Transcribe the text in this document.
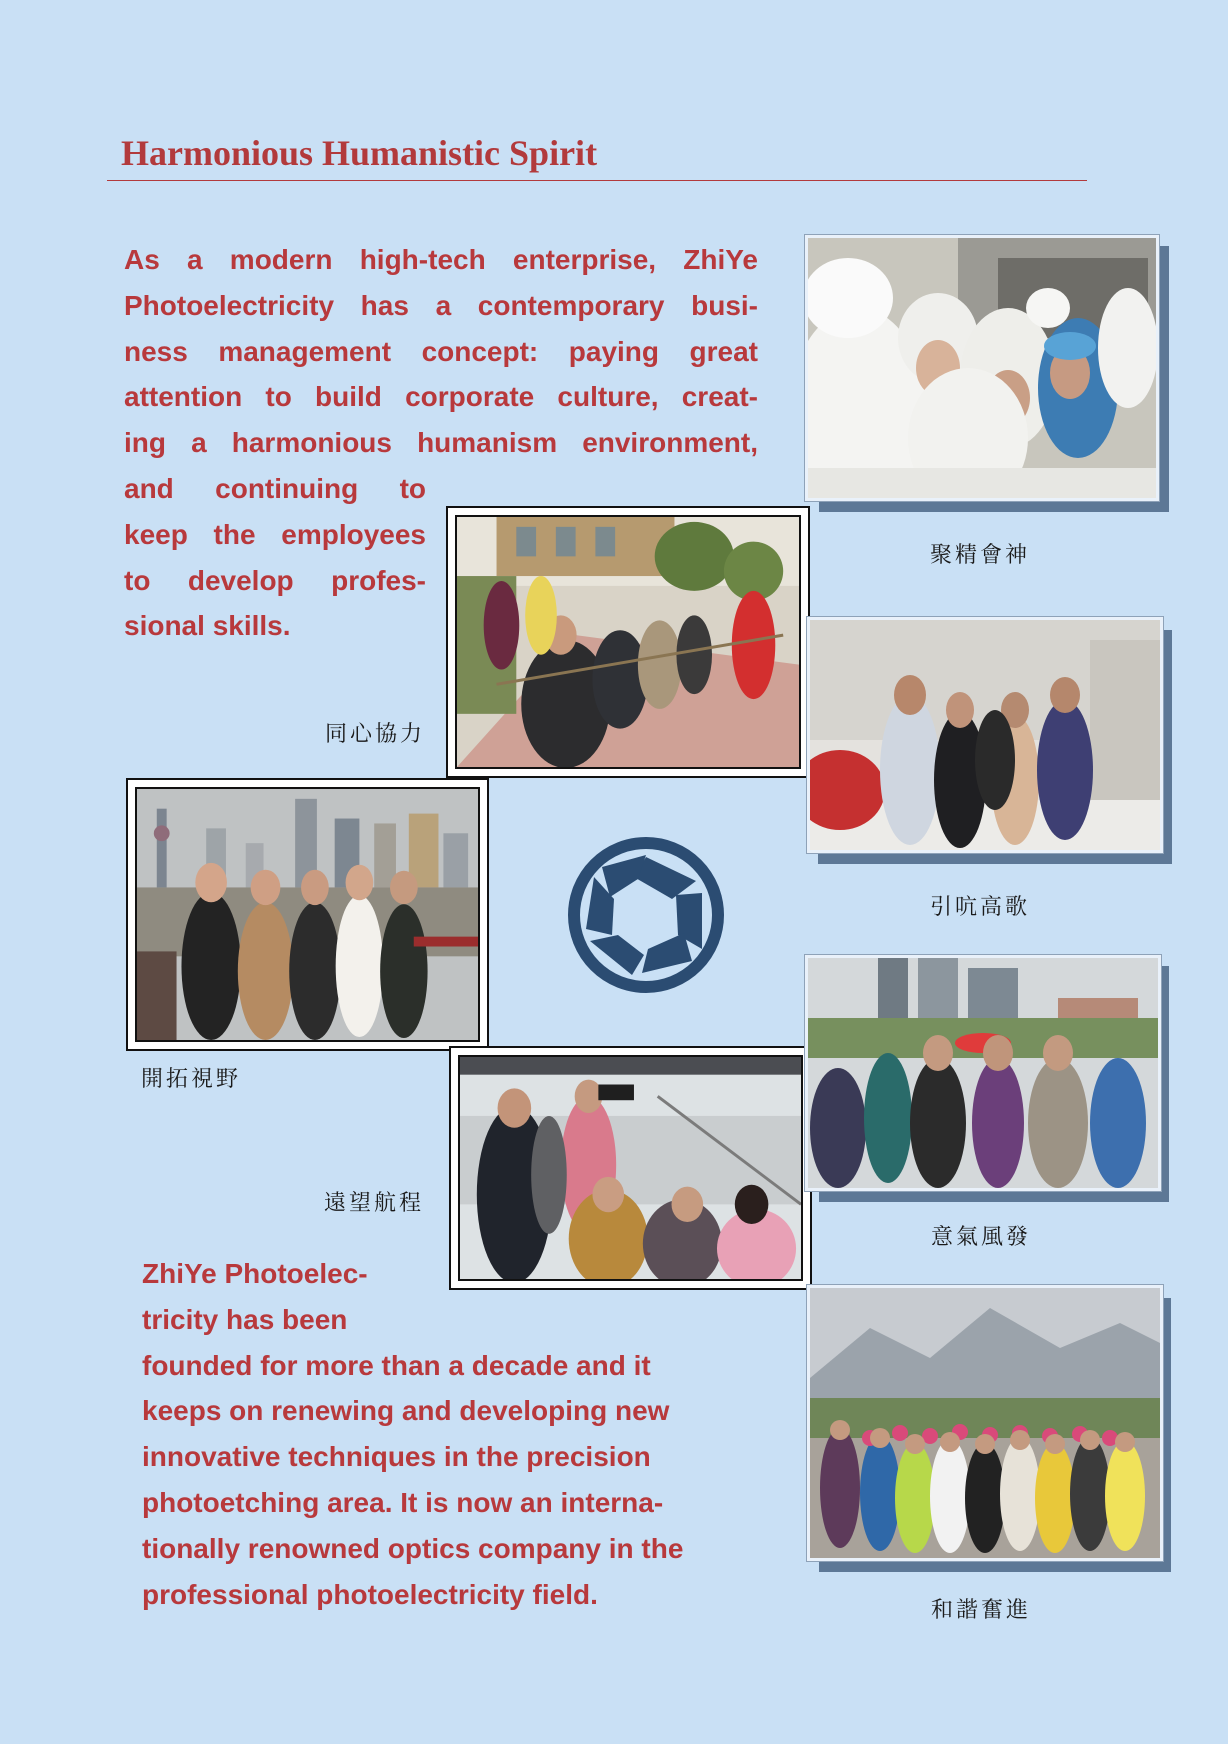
Harmonious Humanistic Spirit
As a modern high-tech enterprise, ZhiYe
Photoelectricity has a contemporary busi-
ness management concept: paying great
attention to build corporate culture, creat-
ing a harmonious humanism environment,
and continuing to
keep the employees
to develop profes-
sional skills.
ZhiYe Photoelec-
tricity has been
founded for more than a decade and it
keeps on renewing and developing new
innovative techniques in the precision
photoetching area. It is now an interna-
tionally renowned optics company in the
professional photoelectricity field.
聚精會神
同心協力
引吭高歌
開拓視野
遠望航程
意氣風發
和諧奮進
